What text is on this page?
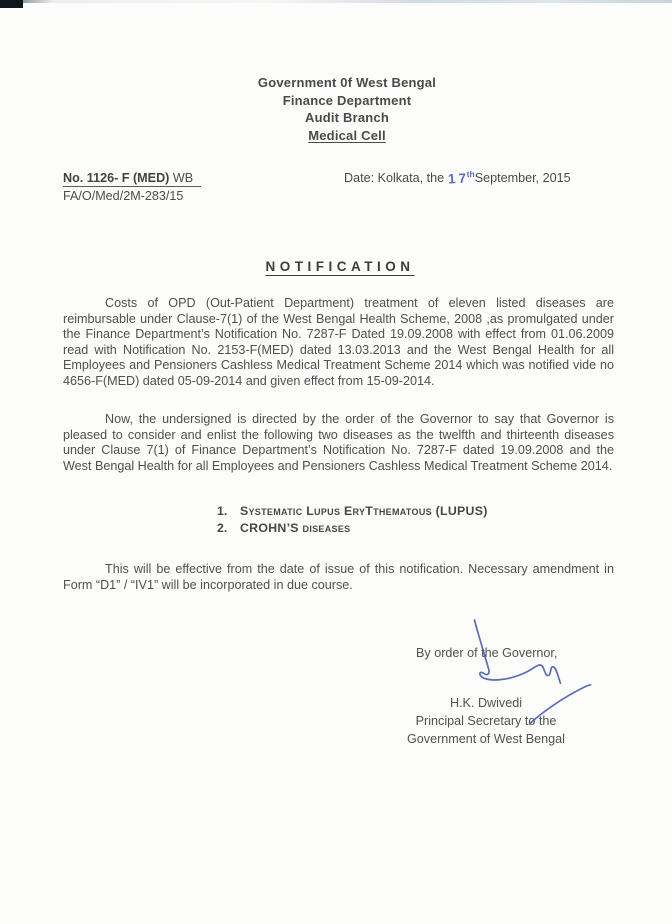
Government 0f West Bengal
Finance Department
Audit Branch
Medical Cell
No. 1126- F (MED) WB
FA/O/Med/2M-283/15
Date: Kolkata, the 17thSeptember, 2015
NOTIFICATION

Costs of OPD (Out-Patient Department) treatment of eleven listed diseases are reimbursable under Clause-7(1) of the West Bengal Health Scheme, 2008 ,as promulgated under the Finance Department’s Notification No. 7287-F Dated 19.09.2008 with effect from 01.06.2009 read with Notification No. 2153-F(MED) dated 13.03.2013 and the West Bengal Health for all Employees and Pensioners Cashless Medical Treatment Scheme 2014 which was notified vide no 4656-F(MED) dated 05-09-2014 and given effect from 15-09-2014.

Now, the undersigned is directed by the order of the Governor to say that Governor is pleased to consider and enlist the following two diseases as the twelfth and thirteenth diseases under Clause 7(1) of Finance Department’s Notification No. 7287-F dated 19.09.2008 and the West Bengal Health for all Employees and Pensioners Cashless Medical Treatment Scheme 2014.

1.	Systematic Lupus EryTthematous (LUPUS)
2.	CROHN’S diseases

This will be effective from the date of issue of this notification. Necessary amendment in Form “D1” / “IV1” will be incorporated in due course.

By order of the Governor,
H.K. Dwivedi
Principal Secretary to the
Government of West Bengal
